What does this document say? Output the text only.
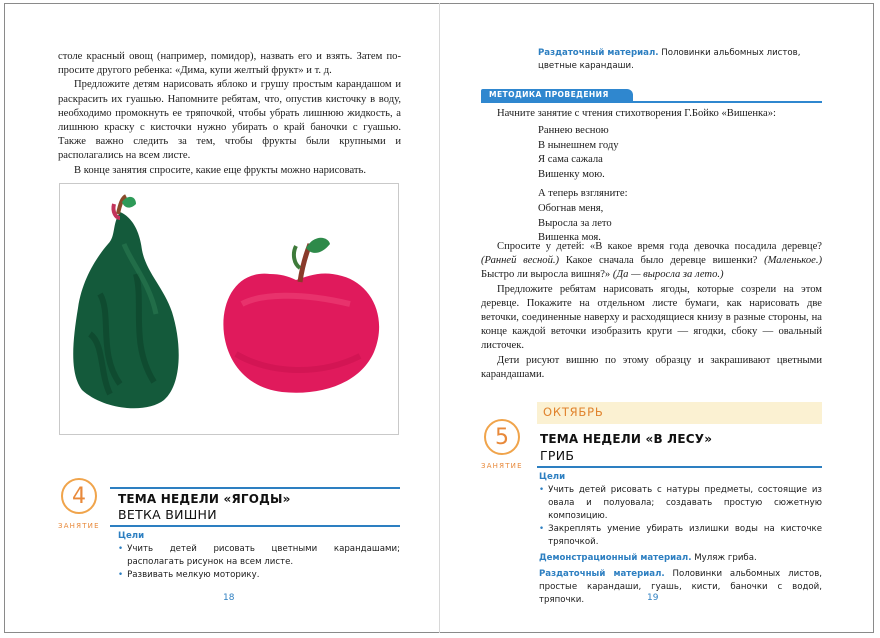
столе красный овощ (например, помидор), назвать его и взять. Затем по-просите другого ребенка: «Дима, купи желтый фрукт» и т. д.

Предложите детям нарисовать яблоко и грушу простым карандашом и раскрасить их гуашью. Напомните ребятам, что, опустив кисточку в воду, необходимо промокнуть ее тряпочкой, чтобы убрать лишнюю жидкость, а лишнюю краску с кисточки нужно убирать о край баночки с гуашью. Также важно следить за тем, чтобы фрукты были крупными и располагались на всем листе.

В конце занятия спросите, какие еще фрукты можно нарисовать.

4
ЗАНЯТИЕ
ТЕМА НЕДЕЛИ «ЯГОДЫ»
ВЕТКА ВИШНИ
Цели
• Учить детей рисовать цветными карандашами; располагать рисунок на всем листе.
• Развивать мелкую моторику.
18
Раздаточный материал. Половинки альбомных листов, цветные карандаши.
МЕТОДИКА ПРОВЕДЕНИЯ

Начните занятие с чтения стихотворения Г.Бойко «Вишенка»:

Раннею весною
В нынешнем году
Я сама сажала
Вишенку мою.
А теперь взгляните:
Обогнав меня,
Выросла за лето
Вишенка моя.

Спросите у детей: «В какое время года девочка посадила деревце? (Ранней весной.) Какое сначала было деревце вишенки? (Маленькое.) Быстро ли выросла вишня?» (Да — выросла за лето.)

Предложите ребятам нарисовать ягоды, которые созрели на этом деревце. Покажите на отдельном листе бумаги, как нарисовать две веточки, соединенные наверху и расходящиеся книзу в разные стороны, на конце каждой веточки изобразить круги — ягодки, сбоку — овальный листочек.

Дети рисуют вишню по этому образцу и закрашивают цветными карандашами.

ОКТЯБРЬ
5
ЗАНЯТИЕ
ТЕМА НЕДЕЛИ «В ЛЕСУ»
ГРИБ
Цели
• Учить детей рисовать с натуры предметы, состоящие из овала и полуовала; создавать простую сюжетную композицию.
• Закреплять умение убирать излишки воды на кисточке тряпочкой.
Демонстрационный материал. Муляж гриба.
Раздаточный материал. Половинки альбомных листов, простые карандаши, гуашь, кисти, баночки с водой, тряпочки.	19
